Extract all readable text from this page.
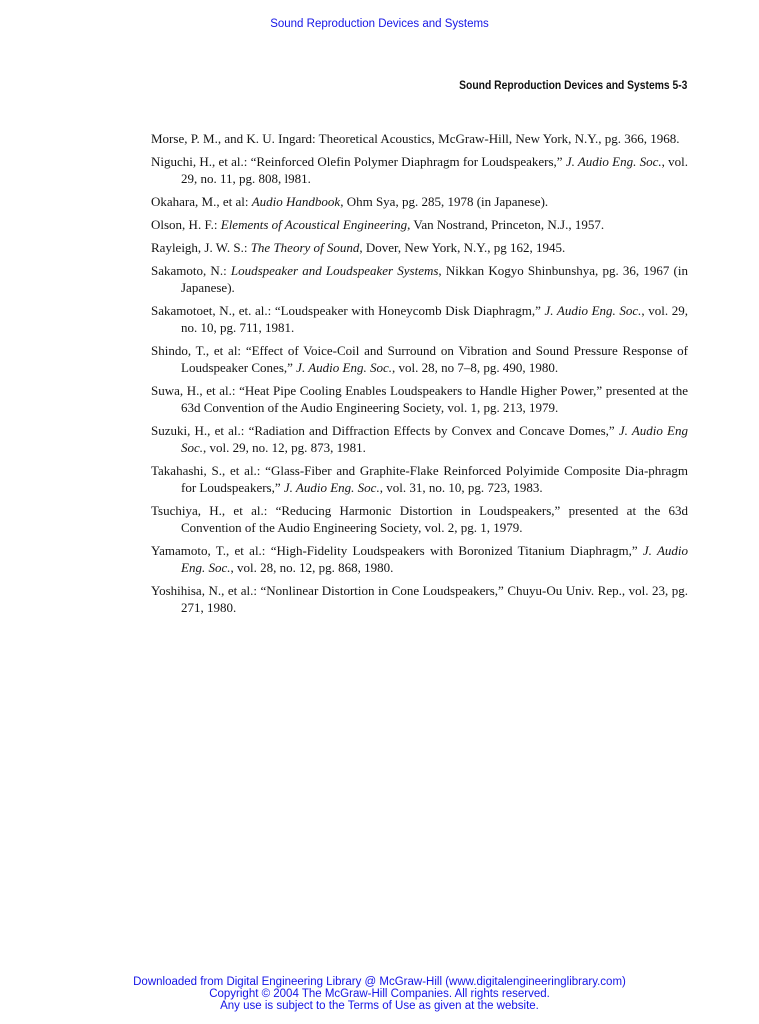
Sound Reproduction Devices and Systems
Sound Reproduction Devices and Systems 5-3
Morse, P. M., and K. U. Ingard: Theoretical Acoustics, McGraw-Hill, New York, N.Y., pg. 366, 1968.
Niguchi, H., et al.: “Reinforced Olefin Polymer Diaphragm for Loudspeakers,” J. Audio Eng. Soc., vol. 29, no. 11, pg. 808, l981.
Okahara, M., et al: Audio Handbook, Ohm Sya, pg. 285, 1978 (in Japanese).
Olson, H. F.: Elements of Acoustical Engineering, Van Nostrand, Princeton, N.J., 1957.
Rayleigh, J. W. S.: The Theory of Sound, Dover, New York, N.Y., pg 162, 1945.
Sakamoto, N.: Loudspeaker and Loudspeaker Systems, Nikkan Kogyo Shinbunshya, pg. 36, 1967 (in Japanese).
Sakamotoet, N., et. al.: “Loudspeaker with Honeycomb Disk Diaphragm,” J. Audio Eng. Soc., vol. 29, no. 10, pg. 711, 1981.
Shindo, T., et al: “Effect of Voice-Coil and Surround on Vibration and Sound Pressure Response of Loudspeaker Cones,” J. Audio Eng. Soc., vol. 28, no 7–8, pg. 490, 1980.
Suwa, H., et al.: “Heat Pipe Cooling Enables Loudspeakers to Handle Higher Power,” presented at the 63d Convention of the Audio Engineering Society, vol. 1, pg. 213, 1979.
Suzuki, H., et al.: “Radiation and Diffraction Effects by Convex and Concave Domes,” J. Audio Eng Soc., vol. 29, no. 12, pg. 873, 1981.
Takahashi, S., et al.: “Glass-Fiber and Graphite-Flake Reinforced Polyimide Composite Dia-phragm for Loudspeakers,” J. Audio Eng. Soc., vol. 31, no. 10, pg. 723, 1983.
Tsuchiya, H., et al.: “Reducing Harmonic Distortion in Loudspeakers,” presented at the 63d Convention of the Audio Engineering Society, vol. 2, pg. 1, 1979.
Yamamoto, T., et al.: “High-Fidelity Loudspeakers with Boronized Titanium Diaphragm,” J. Audio Eng. Soc., vol. 28, no. 12, pg. 868, 1980.
Yoshihisa, N., et al.: “Nonlinear Distortion in Cone Loudspeakers,” Chuyu-Ou Univ. Rep., vol. 23, pg. 271, 1980.
Downloaded from Digital Engineering Library @ McGraw-Hill (www.digitalengineeringlibrary.com)
Copyright © 2004 The McGraw-Hill Companies. All rights reserved.
Any use is subject to the Terms of Use as given at the website.
